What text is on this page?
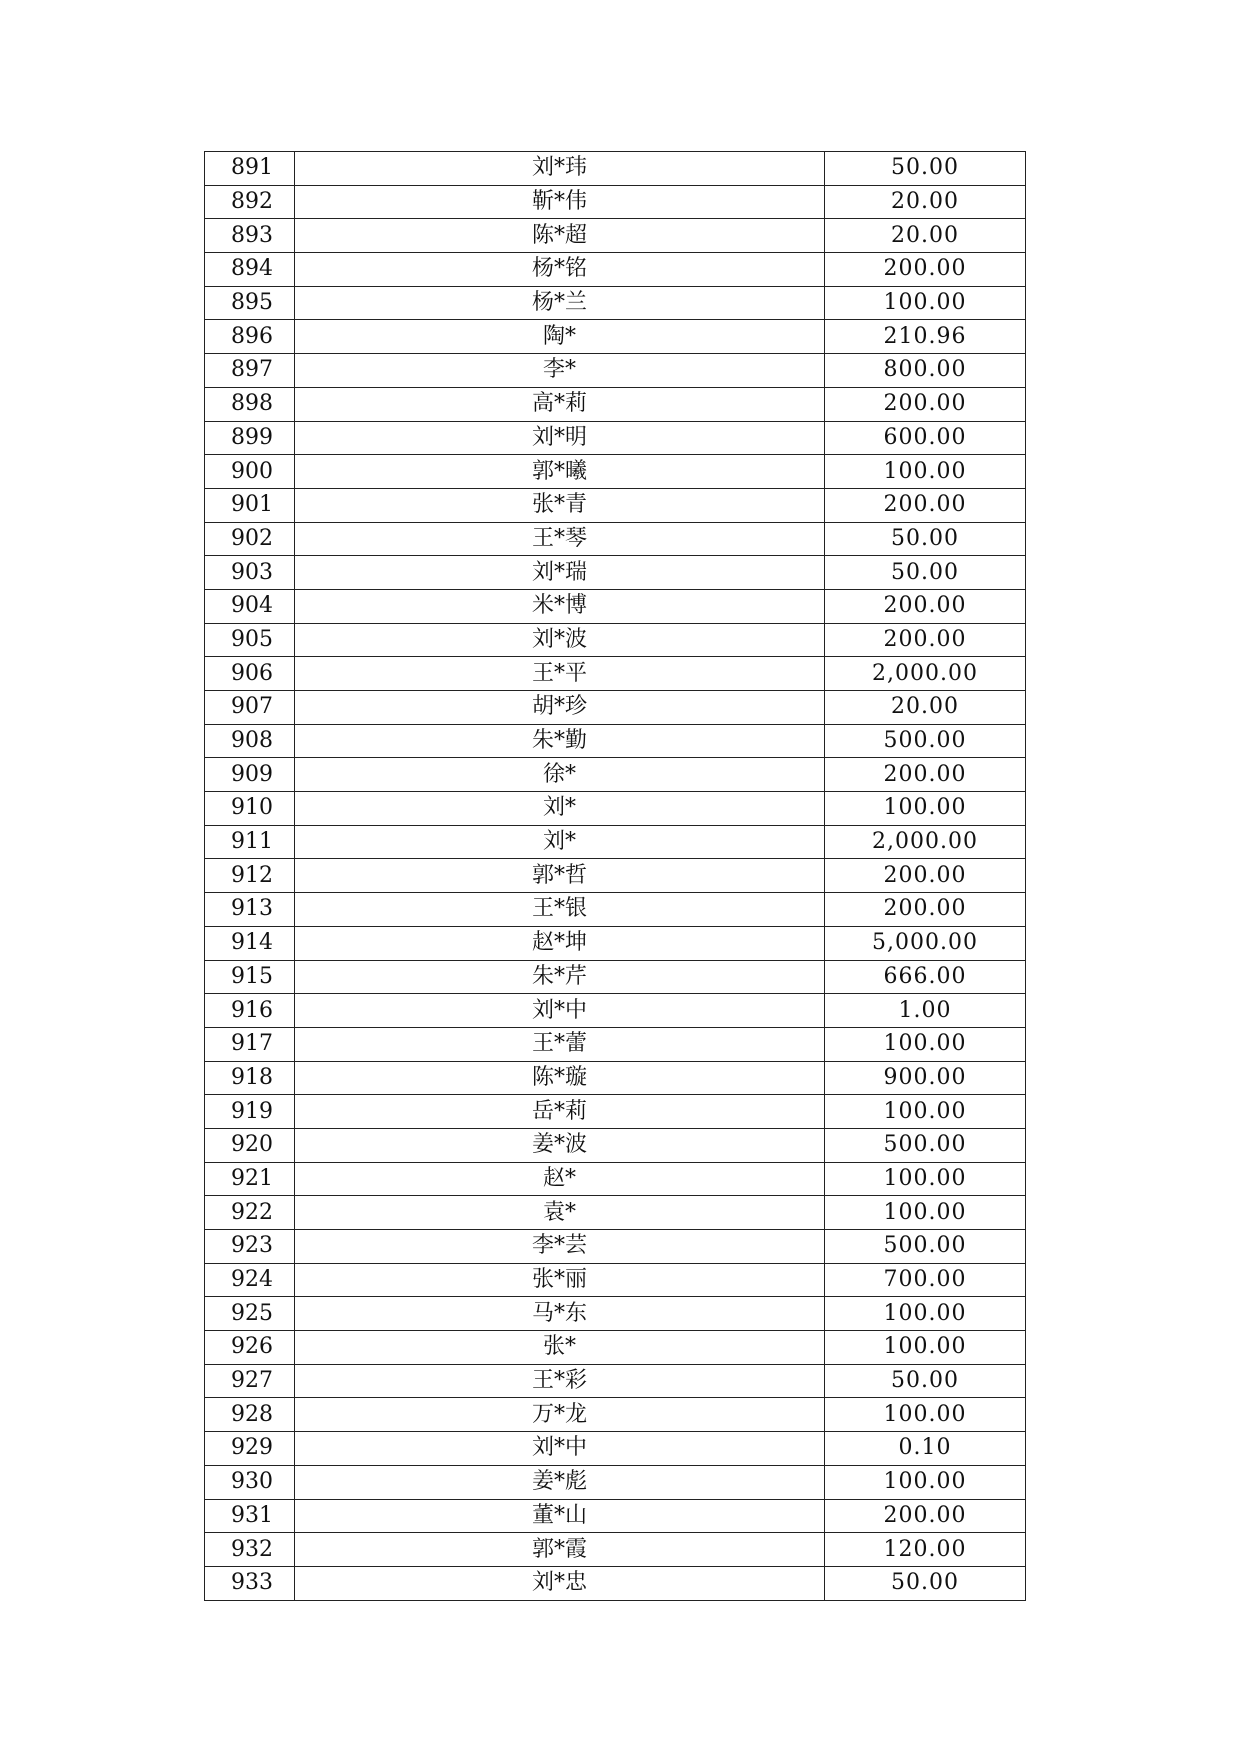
891	刘*玮	50.00
892	靳*伟	20.00
893	陈*超	20.00
894	杨*铭	200.00
895	杨*兰	100.00
896	陶*	210.96
897	李*	800.00
898	高*莉	200.00
899	刘*明	600.00
900	郭*曦	100.00
901	张*青	200.00
902	王*琴	50.00
903	刘*瑞	50.00
904	米*博	200.00
905	刘*波	200.00
906	王*平	2,000.00
907	胡*珍	20.00
908	朱*勤	500.00
909	徐*	200.00
910	刘*	100.00
911	刘*	2,000.00
912	郭*哲	200.00
913	王*银	200.00
914	赵*坤	5,000.00
915	朱*芹	666.00
916	刘*中	1.00
917	王*蕾	100.00
918	陈*璇	900.00
919	岳*莉	100.00
920	姜*波	500.00
921	赵*	100.00
922	袁*	100.00
923	李*芸	500.00
924	张*丽	700.00
925	马*东	100.00
926	张*	100.00
927	王*彩	50.00
928	万*龙	100.00
929	刘*中	0.10
930	姜*彪	100.00
931	董*山	200.00
932	郭*霞	120.00
933	刘*忠	50.00
